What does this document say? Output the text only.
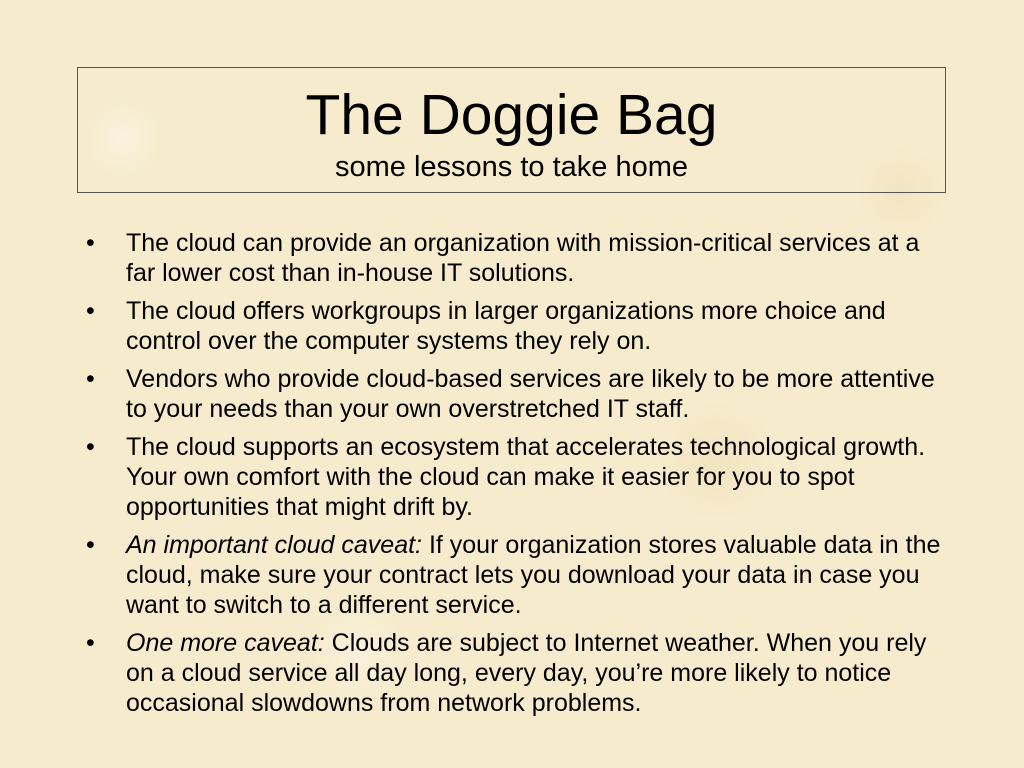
The Doggie Bag
some lessons to take home
•	The cloud can provide an organization with mission-critical services at a far lower cost than in-house IT solutions.
•	The cloud offers workgroups in larger organizations more choice and control over the computer systems they rely on.
•	Vendors who provide cloud-based services are likely to be more attentive to your needs than your own overstretched IT staff.
•	The cloud supports an ecosystem that accelerates technological growth. Your own comfort with the cloud can make it easier for you to spot opportunities that might drift by.
•	An important cloud caveat: If your organization stores valuable data in the cloud, make sure your contract lets you download your data in case you want to switch to a different service.
•	One more caveat: Clouds are subject to Internet weather. When you rely on a cloud service all day long, every day, you’re more likely to notice occasional slowdowns from network problems.
